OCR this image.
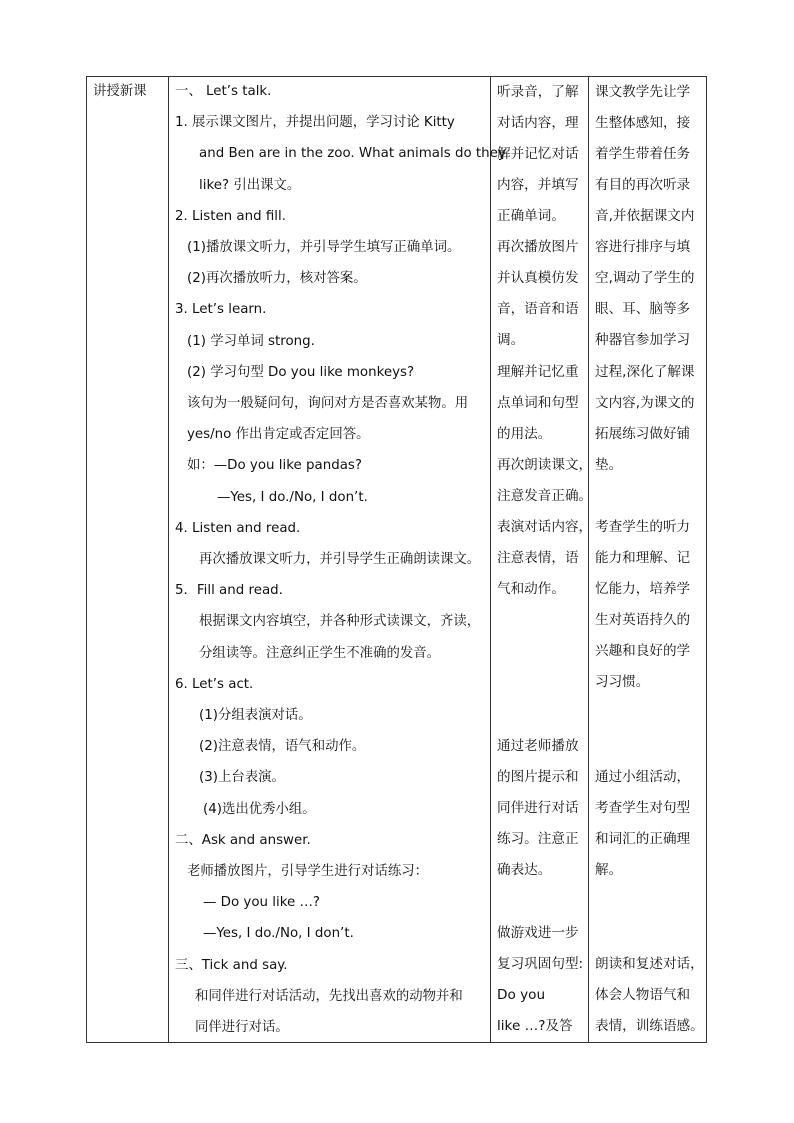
讲授新课 一、 Let’s talk.
1. 展示课文图片，并提出问题，学习讨论 Kitty
and Ben are in the zoo. What animals do they
like? 引出课文。
2. Listen and fill.
(1)播放课文听力，并引导学生填写正确单词。
(2)再次播放听力，核对答案。
3. Let’s learn.
(1) 学习单词 strong.
(2) 学习句型 Do you like monkeys?
该句为一般疑问句，询问对方是否喜欢某物。用
yes/no 作出肯定或否定回答。
如：—Do you like pandas?
—Yes, I do./No, I don’t.
4. Listen and read.
再次播放课文听力，并引导学生正确朗读课文。
5．Fill and read.
根据课文内容填空，并各种形式读课文，齐读，
分组读等。注意纠正学生不准确的发音。
6. Let’s act.
(1)分组表演对话。
(2)注意表情，语气和动作。
(3)上台表演。
(4)选出优秀小组。
二、Ask and answer.
老师播放图片，引导学生进行对话练习：
— Do you like …?
—Yes, I do./No, I don’t.
三、Tick and say.
和同伴进行对话活动，先找出喜欢的动物并和
同伴进行对话。
听录音，了解
对话内容，理
解并记忆对话
内容，并填写
正确单词。
再次播放图片
并认真模仿发
音，语音和语
调。
理解并记忆重
点单词和句型
的用法。
再次朗读课文，
注意发音正确。
表演对话内容，
注意表情，语
气和动作。
通过老师播放
的图片提示和
同伴进行对话
练习。注意正
确表达。
做游戏进一步
复习巩固句型:
Do you
like …?及答
课文教学先让学
生整体感知，接
着学生带着任务
有目的再次听录
音,并依据课文内
容进行排序与填
空,调动了学生的
眼、耳、脑等多
种器官参加学习
过程,深化了解课
文内容,为课文的
拓展练习做好铺
垫。
考查学生的听力
能力和理解、记
忆能力，培养学
生对英语持久的
兴趣和良好的学
习习惯。
通过小组活动，
考查学生对句型
和词汇的正确理
解。
朗读和复述对话，
体会人物语气和
表情，训练语感。
